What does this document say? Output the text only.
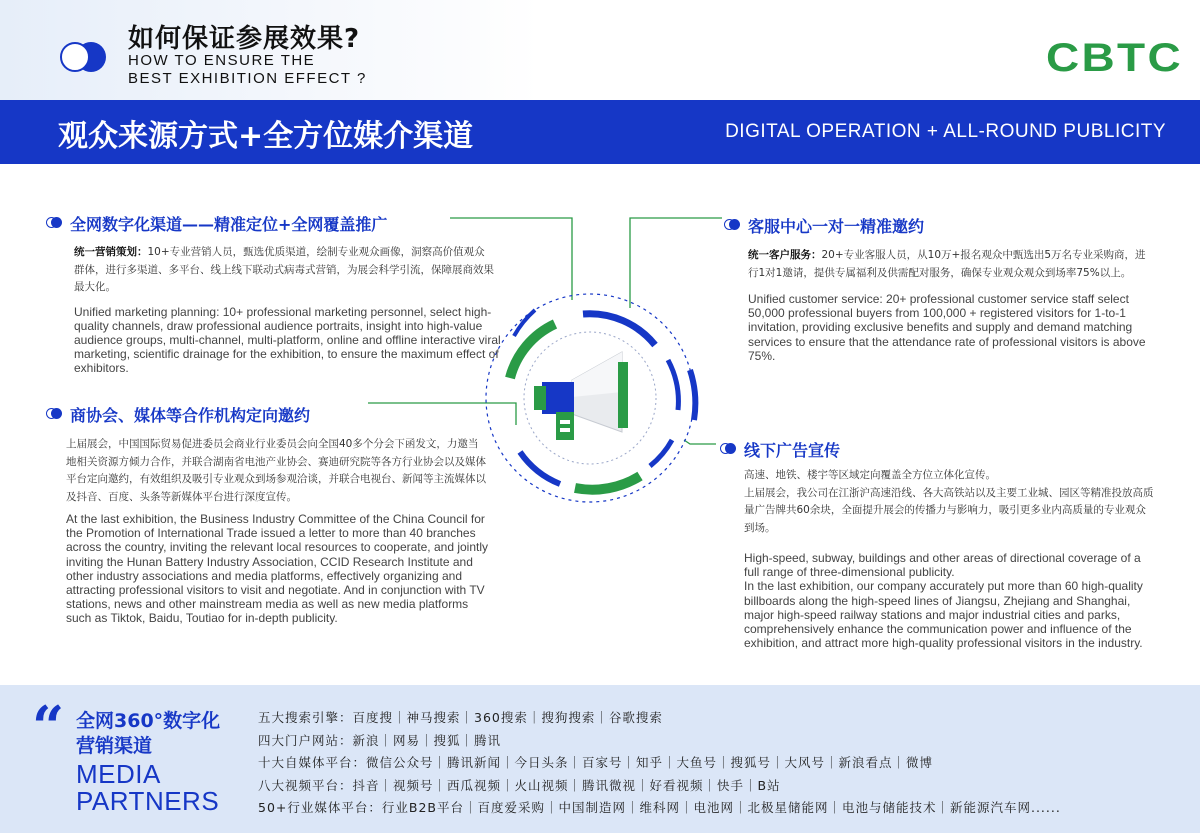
如何保证参展效果?
HOW TO ENSURE THE
BEST EXHIBITION EFFECT ?	CBTC
观众来源方式+全方位媒介渠道	DIGITAL OPERATION + ALL-ROUND PUBLICITY
全网数字化渠道——精准定位+全网覆盖推广
统一营销策划：10+专业营销人员，甄选优质渠道，绘制专业观众画像，洞察高价值观众群体，进行多渠道、多平台、线上线下联动式病毒式营销，为展会科学引流，保障展商效果最大化。
Unified marketing planning: 10+ professional marketing personnel, select high-quality channels, draw professional audience portraits, insight into high-value audience groups, multi-channel, multi-platform, online and offline interactive viral marketing, scientific drainage for the exhibition, to ensure the maximum effect of exhibitors.
商协会、媒体等合作机构定向邀约
上届展会，中国国际贸易促进委员会商业行业委员会向全国40多个分会下函发文，力邀当地相关资源方倾力合作，并联合湖南省电池产业协会、赛迪研究院等各方行业协会以及媒体平台定向邀约，有效组织及吸引专业观众到场参观洽谈，并联合电视台、新闻等主流媒体以及抖音、百度、头条等新媒体平台进行深度宣传。
At the last exhibition, the Business Industry Committee of the China Council for the Promotion of International Trade issued a letter to more than 40 branches across the country, inviting the relevant local resources to cooperate, and jointly inviting the Hunan Battery Industry Association, CCID Research Institute and other industry associations and media platforms, effectively organizing and attracting professional visitors to visit and negotiate. And in conjunction with TV stations, news and other mainstream media as well as new media platforms such as Tiktok, Baidu, Toutiao for in-depth publicity.
客服中心一对一精准邀约
统一客户服务：20+专业客服人员，从10万+报名观众中甄选出5万名专业采购商，进行1对1邀请，提供专属福利及供需配对服务，确保专业观众观众到场率75%以上。
Unified customer service: 20+ professional customer service staff select 50,000 professional buyers from 100,000 + registered visitors for 1-to-1 invitation, providing exclusive benefits and supply and demand matching services to ensure that the attendance rate of professional visitors is above 75%.
线下广告宣传
高速、地铁、楼宇等区域定向覆盖全方位立体化宣传。
上届展会，我公司在江浙沪高速沿线、各大高铁站以及主要工业城、园区等精准投放高质量广告牌共60余块，全面提升展会的传播力与影响力，吸引更多业内高质量的专业观众到场。
High-speed, subway, buildings and other areas of directional coverage of a full range of three-dimensional publicity.
In the last exhibition, our company accurately put more than 60 high-quality billboards along the high-speed lines of Jiangsu, Zhejiang and Shanghai, major high-speed railway stations and major industrial cities and parks, comprehensively enhance the communication power and influence of the exhibition, and attract more high-quality professional visitors in the industry.
“ 全网360°数字化
营销渠道
MEDIA
PARTNERS
五大搜索引擎：百度搜｜神马搜索｜360搜索｜搜狗搜索｜谷歌搜索
四大门户网站：新浪｜网易｜搜狐｜腾讯
十大自媒体平台：微信公众号｜腾讯新闻｜今日头条｜百家号｜知乎｜大鱼号｜搜狐号｜大风号｜新浪看点｜微博
八大视频平台：抖音｜视频号｜西瓜视频｜火山视频｜腾讯微视｜好看视频｜快手｜B站
50+行业媒体平台：行业B2B平台｜百度爱采购｜中国制造网｜维科网｜电池网｜北极星储能网｜电池与储能技术｜新能源汽车网......
